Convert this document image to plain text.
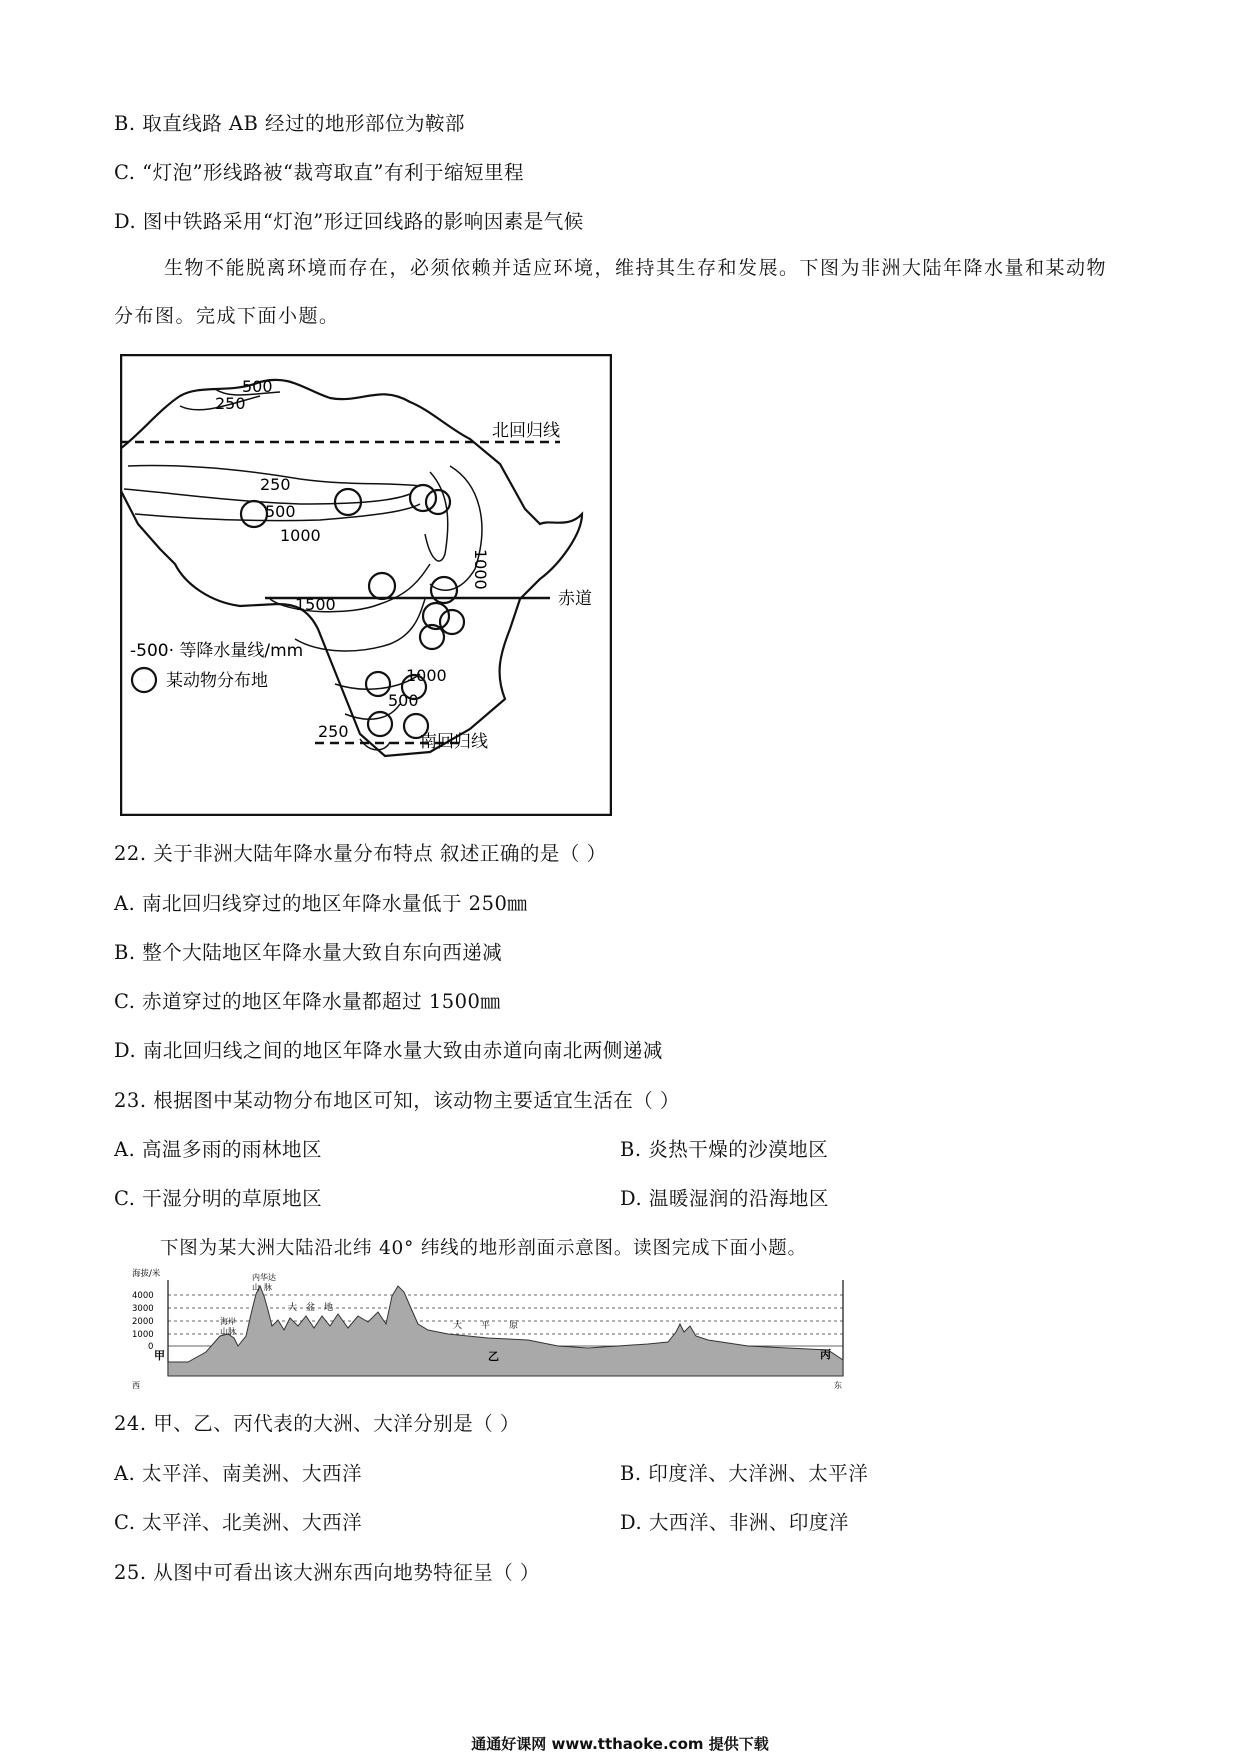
B. 取直线路 AB 经过的地形部位为鞍部
C. “灯泡”形线路被“裁弯取直”有利于缩短里程
D. 图中铁路采用“灯泡”形迂回线路的影响因素是气候
生物不能脱离环境而存在，必须依赖并适应环境，维持其生存和发展。下图为非洲大陆年降水量和某动物分布图。完成下面小题。
500
250
250
500
1000
1000
1500
1000
500
250
北回归线
赤道
南回归线
-500· 等降水量线/mm
某动物分布地
22. 关于非洲大陆年降水量分布特点 叙述正确的是（ ）
A. 南北回归线穿过的地区年降水量低于 250㎜
B. 整个大陆地区年降水量大致自东向西递减
C. 赤道穿过的地区年降水量都超过 1500㎜
D. 南北回归线之间的地区年降水量大致由赤道向南北两侧递减
23. 根据图中某动物分布地区可知，该动物主要适宜生活在（ ）
A. 高温多雨的雨林地区	B. 炎热干燥的沙漠地区
C. 干湿分明的草原地区	D. 温暖湿润的沿海地区
下图为某大洲大陆沿北纬 40° 纬线的地形剖面示意图。读图完成下面小题。
海拔/米
4000
3000
2000
1000
0
内华达
山 脉
海岸
山脉
大 盆 地
大 平 原
甲	乙	丙
西	东
24. 甲、乙、丙代表的大洲、大洋分别是（ ）
A. 太平洋、南美洲、大西洋	B. 印度洋、大洋洲、太平洋
C. 太平洋、北美洲、大西洋	D. 大西洋、非洲、印度洋
25. 从图中可看出该大洲东西向地势特征呈（ ）
通通好课网 www.tthaoke.com 提供下载
